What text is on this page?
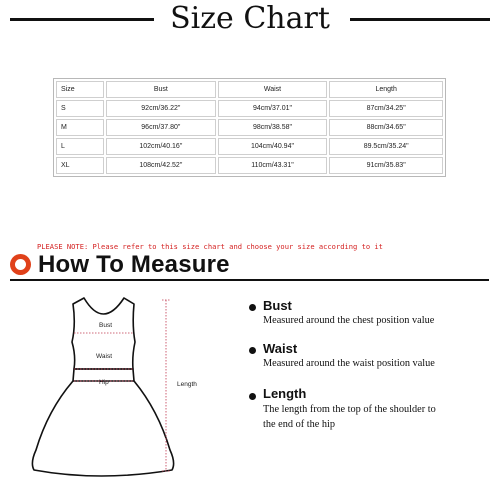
Size Chart
Size	Bust	Waist	Length
S	92cm/36.22"	94cm/37.01"	87cm/34.25"
M	96cm/37.80"	98cm/38.58"	88cm/34.65"
L	102cm/40.16"	104cm/40.94"	89.5cm/35.24"
XL	108cm/42.52"	110cm/43.31"	91cm/35.83"
PLEASE NOTE: Please refer to this size chart and choose your size according to it
How To Measure
Bust
Waist
Hip	Length
Bust
Measured around the chest position value
Waist
Measured around the waist position value
Length
The length from the top of the shoulder to
the end of the hip
